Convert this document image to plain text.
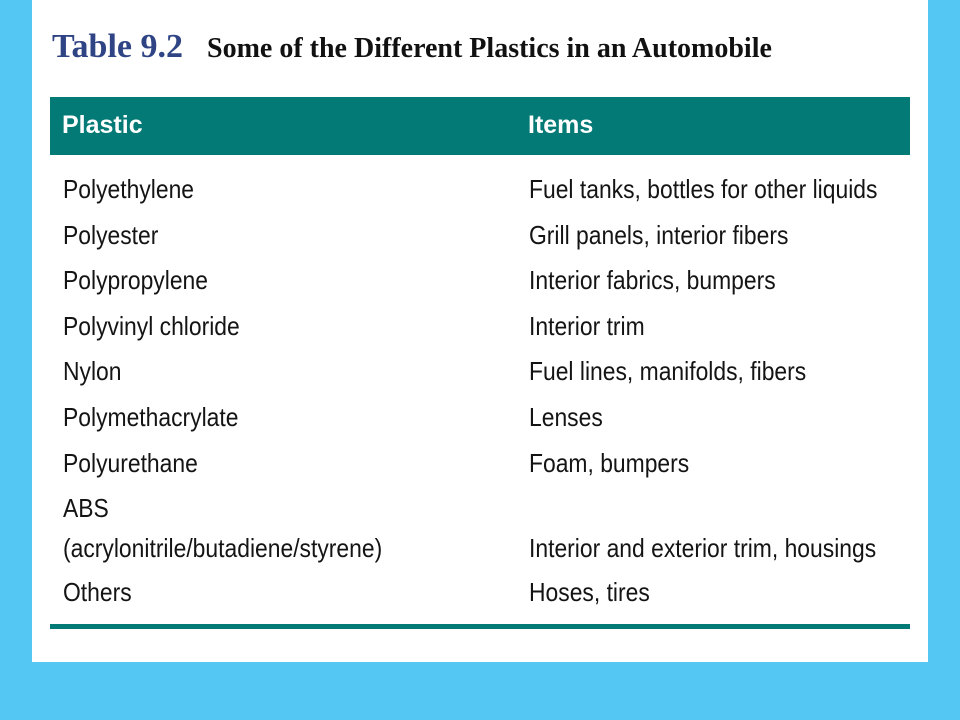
Table 9.2 Some of the Different Plastics in an Automobile
Plastic	Items
Polyethylene	Fuel tanks, bottles for other liquids
Polyester	Grill panels, interior fibers
Polypropylene	Interior fabrics, bumpers
Polyvinyl chloride	Interior trim
Nylon	Fuel lines, manifolds, fibers
Polymethacrylate	Lenses
Polyurethane	Foam, bumpers
ABS
(acrylonitrile/butadiene/styrene)	Interior and exterior trim, housings
Others	Hoses, tires
